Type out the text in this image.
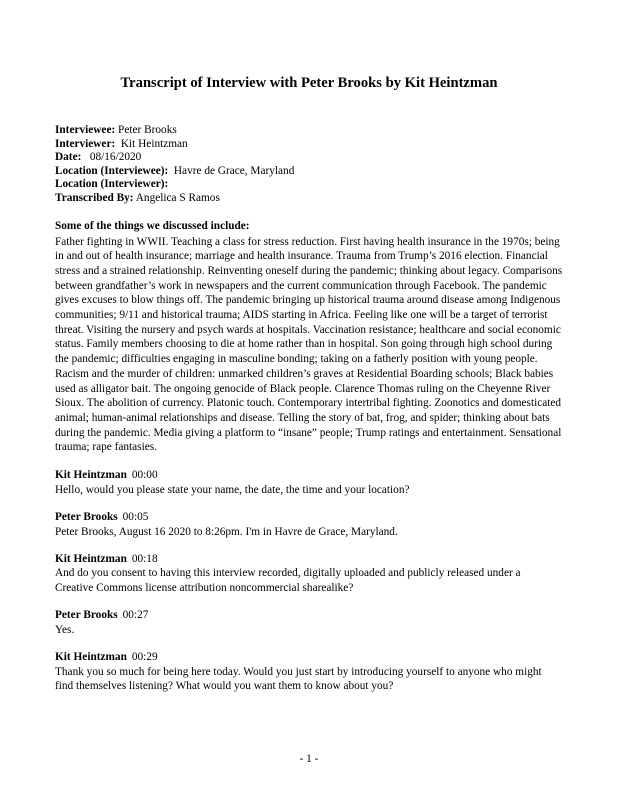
Transcript of Interview with Peter Brooks by Kit Heintzman
Interviewee: Peter Brooks
Interviewer:  Kit Heintzman
Date:   08/16/2020
Location (Interviewee):  Havre de Grace, Maryland
Location (Interviewer):
Transcribed By: Angelica S Ramos
Some of the things we discussed include:
Father fighting in WWII. Teaching a class for stress reduction. First having health insurance in the 1970s; being in and out of health insurance; marriage and health insurance. Trauma from Trump’s 2016 election. Financial stress and a strained relationship. Reinventing oneself during the pandemic; thinking about legacy. Comparisons between grandfather’s work in newspapers and the current communication through Facebook. The pandemic gives excuses to blow things off. The pandemic bringing up historical trauma around disease among Indigenous communities; 9/11 and historical trauma; AIDS starting in Africa. Feeling like one will be a target of terrorist threat. Visiting the nursery and psych wards at hospitals. Vaccination resistance; healthcare and social economic status. Family members choosing to die at home rather than in hospital. Son going through high school during the pandemic; difficulties engaging in masculine bonding; taking on a fatherly position with young people. Racism and the murder of children: unmarked children’s graves at Residential Boarding schools; Black babies used as alligator bait. The ongoing genocide of Black people. Clarence Thomas ruling on the Cheyenne River Sioux. The abolition of currency. Platonic touch. Contemporary intertribal fighting. Zoonotics and domesticated animal; human-animal relationships and disease. Telling the story of bat, frog, and spider; thinking about bats during the pandemic. Media giving a platform to “insane” people; Trump ratings and entertainment. Sensational trauma; rape fantasies.
Kit Heintzman 00:00
Hello, would you please state your name, the date, the time and your location?
Peter Brooks 00:05
Peter Brooks, August 16 2020 to 8:26pm. I'm in Havre de Grace, Maryland.
Kit Heintzman 00:18
And do you consent to having this interview recorded, digitally uploaded and publicly released under a Creative Commons license attribution noncommercial sharealike?
Peter Brooks 00:27
Yes.
Kit Heintzman 00:29
Thank you so much for being here today. Would you just start by introducing yourself to anyone who might find themselves listening? What would you want them to know about you?
- 1 -
